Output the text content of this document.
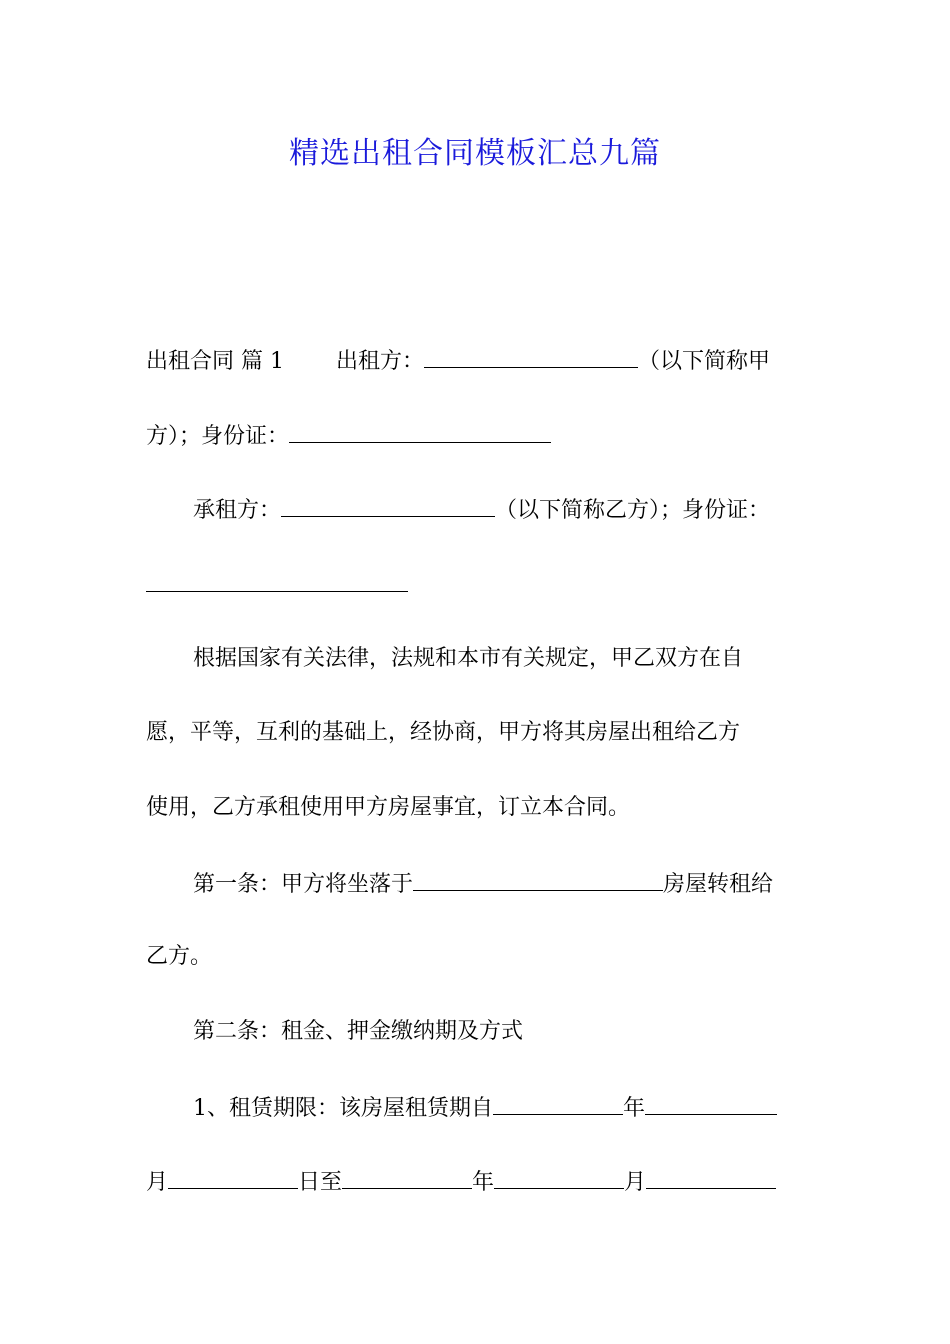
精选出租合同模板汇总九篇
出租合同 篇 1 出租方：	（以下简称甲
方）；身份证：
承租方：	（以下简称乙方）；身份证：
根据国家有关法律，法规和本市有关规定，甲乙双方在自
愿，平等，互利的基础上，经协商，甲方将其房屋出租给乙方
使用，乙方承租使用甲方房屋事宜，订立本合同。
第一条：甲方将坐落于	房屋转租给
乙方。
第二条：租金、押金缴纳期及方式
1、租赁期限：该房屋租赁期自	年
月	日至	年	月
